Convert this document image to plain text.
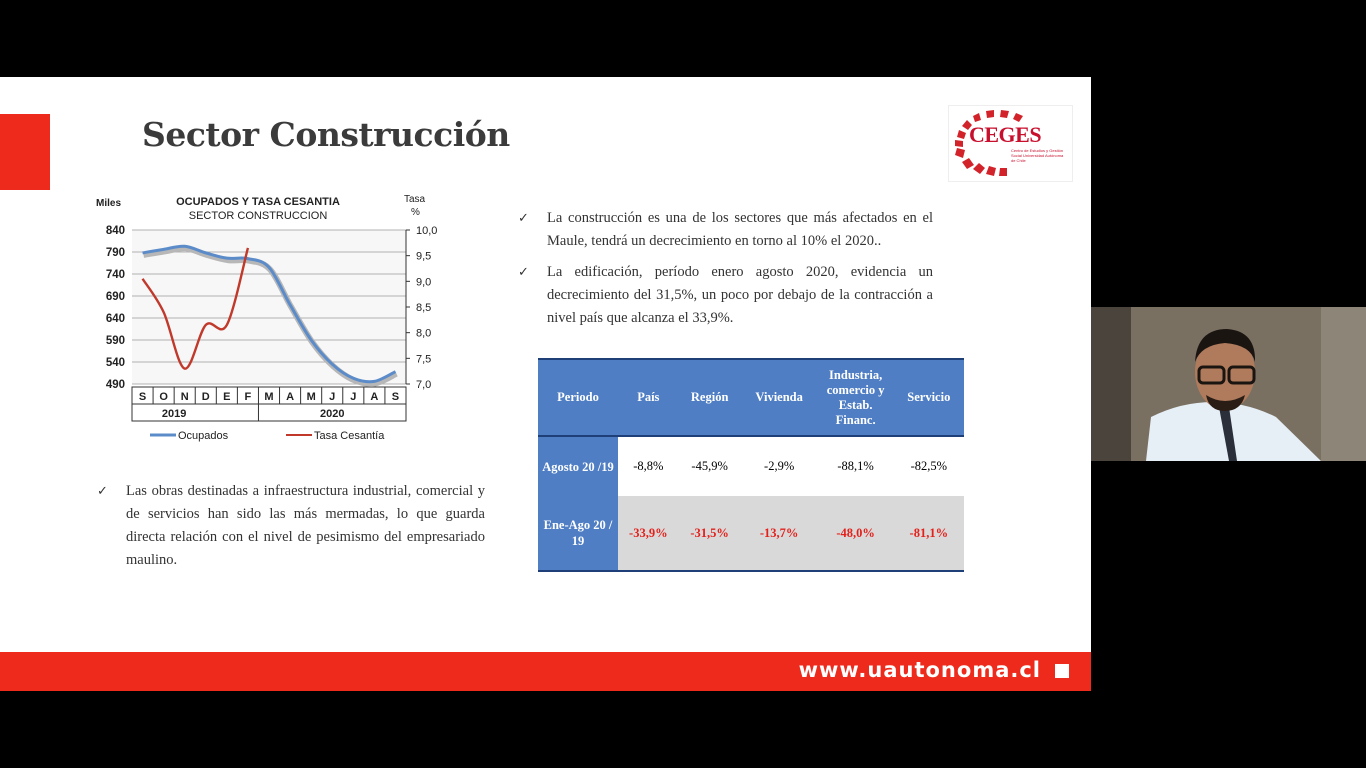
Sector Construcción	CEGES
Centro de Estudios y Gestión Social Universidad Autónoma de Chile
OCUPADOS Y TASA CESANTIA
SECTOR CONSTRUCCION
Miles	Tasa
%
490
540
590
640
690
740
790
840
7,0
7,5
8,0
8,5
9,0
9,5
10,0
S O N D E F M A M J J A S
2019	2020
Ocupados	Tasa Cesantía
✓ La construcción es una de los sectores que más afectados en el Maule, tendrá un decrecimiento en torno al 10% el 2020..
✓ La edificación, período enero agosto 2020, evidencia un decrecimiento del 31,5%, un poco por debajo de la contracción a nivel país que alcanza el 33,9%.
✓ Las obras destinadas a infraestructura industrial, comercial y de servicios han sido las más mermadas, lo que guarda directa relación con el nivel de pesimismo del empresariado maulino.
Periodo	País	Región	Vivienda	Industria, comercio y Estab. Financ.	Servicio
Agosto 20 /19	-8,8%	-45,9%	-2,9%	-88,1%	-82,5%
Ene-Ago 20 / 19	-33,9%	-31,5%	-13,7%	-48,0%	-81,1%
www.uautonoma.cl
